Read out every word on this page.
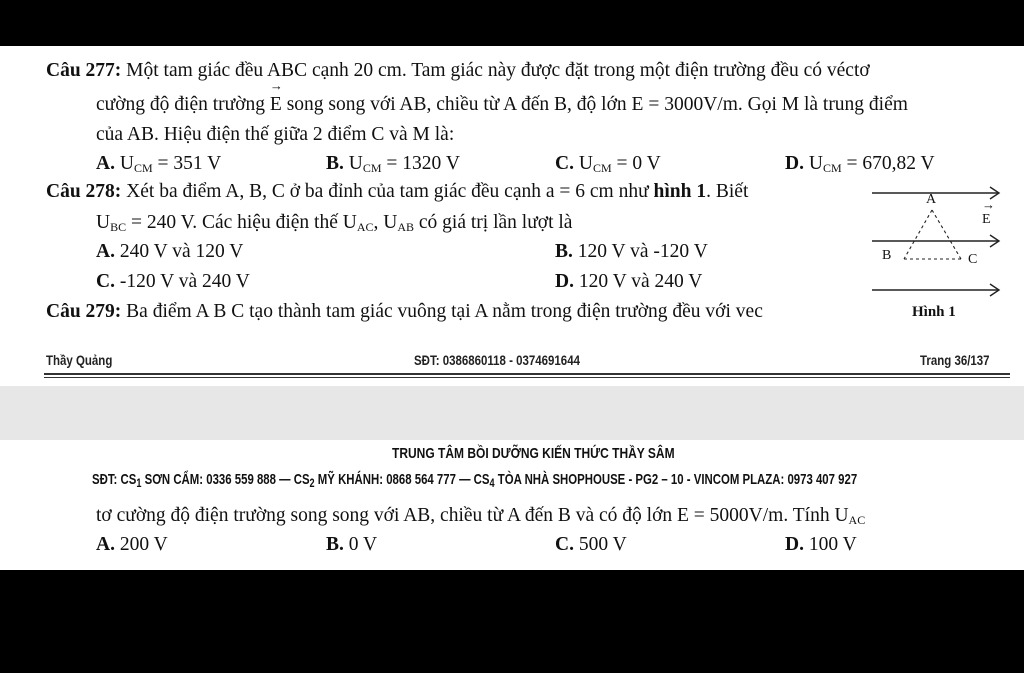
Câu 277: Một tam giác đều ABC cạnh 20 cm. Tam giác này được đặt trong một điện trường đều có véctơ
cường độ điện trường → E song song với AB, chiều từ A đến B, độ lớn E = 3000V/m. Gọi M là trung điểm
của AB. Hiệu điện thế giữa 2 điểm C và M là:
A. $U_{CM} = 351$ V	B. $U_{CM} = 1320$ V	C. $U_{CM} = 0$ V	D. $U_{CM} = 670,82$ V
Câu 278: Xét ba điểm A, B, C ở ba đỉnh của tam giác đều cạnh a = 6 cm như hình 1. Biết
$U_{BC} = 240$ V. Các hiệu điện thế $U_{AC}$, $U_{AB}$ có giá trị lần lượt là
A. 240 V và 120 V	B. 120 V và -120 V
C. -120 V và 240 V	D. 120 V và 240 V
Câu 279: Ba điểm A B C tạo thành tam giác vuông tại A nằm trong điện trường đều với vec
A
B	C
→ E
Hình 1
Thầy Quảng	SĐT: 0386860118 - 0374691644	Trang 36/137
TRUNG TÂM BỒI DƯỠNG KIẾN THỨC THẦY SÂM
SĐT: $CS_1$ SƠN CẨM: 0336 559 888 — $CS_2$ MỸ KHÁNH: 0868 564 777 — $CS_4$ TÒA NHÀ SHOPHOUSE - PG2 – 10 - VINCOM PLAZA: 0973 407 927
tơ cường độ điện trường song song với AB, chiều từ A đến B và có độ lớn E = 5000V/m. Tính $U_{AC}$
A. 200 V	B. 0 V	C. 500 V	D. 100 V
